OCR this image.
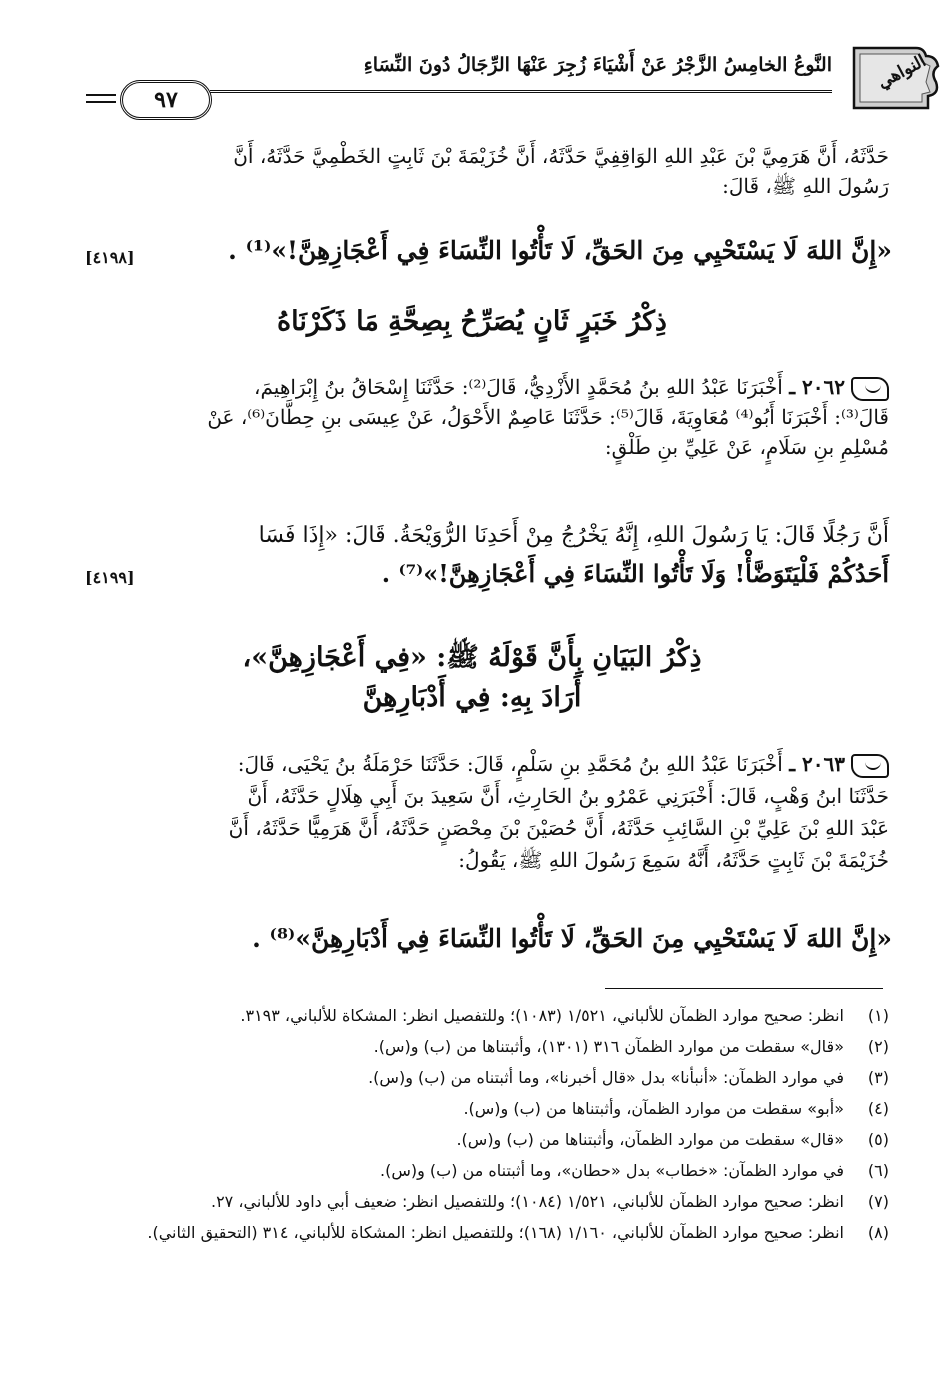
النواهي
النَّوعُ الخامِسُ الزَّجْرُ عَنْ أَشْيَاءَ زُجِرَ عَنْهَا الرِّجَالُ دُونَ النِّسَاءِ
٩٧
حَدَّثَهُ، أَنَّ هَرَمِيَّ بْنَ عَبْدِ اللهِ الوَاقِفِيَّ حَدَّثَهُ، أَنَّ خُزَيْمَةَ بْنَ ثَابِتٍ الخَطْمِيَّ حَدَّثَهُ، أَنَّ
رَسُولَ اللهِ ﷺ، قَالَ:
«إِنَّ اللهَ لَا يَسْتَحْيِي مِنَ الحَقِّ، لَا تَأْتُوا النِّسَاءَ فِي أَعْجَازِهِنَّ!»⁽¹⁾ .
[٤١٩٨]
ذِكْرُ خَبَرٍ ثَانٍ يُصَرِّحُ بِصِحَّةِ مَا ذَكَرْنَاهُ
٢٠٦٢ ـ أَخْبَرَنَا عَبْدُ اللهِ بنُ مُحَمَّدٍ الأَزْدِيُّ، قَالَ⁽²⁾: حَدَّثَنَا إِسْحَاقُ بنُ إِبْرَاهِيمَ،
قَالَ⁽³⁾: أَخْبَرَنَا أَبُو⁽⁴⁾ مُعَاوِيَةَ، قَالَ⁽⁵⁾: حَدَّثَنَا عَاصِمٌ الأَحْوَلُ، عَنْ عِيسَى بنِ حِطَّانَ⁽⁶⁾، عَنْ
مُسْلِمِ بنِ سَلَامٍ، عَنْ عَلِيِّ بنِ طَلْقٍ:
أَنَّ رَجُلًا قَالَ: يَا رَسُولَ اللهِ، إِنَّهُ يَخْرُجُ مِنْ أَحَدِنَا الرُّوَيْحَةُ. قَالَ: «إِذَا فَسَا
أَحَدُكُمْ فَلْيَتَوَضَّأْ! وَلَا تَأْتُوا النِّسَاءَ فِي أَعْجَازِهِنَّ!»⁽⁷⁾ .
[٤١٩٩]
ذِكْرُ البَيَانِ بِأَنَّ قَوْلَهُ ﷺ: «فِي أَعْجَازِهِنَّ»،
أَرَادَ بِهِ: فِي أَدْبَارِهِنَّ
٢٠٦٣ ـ أَخْبَرَنَا عَبْدُ اللهِ بنُ مُحَمَّدِ بنِ سَلْمٍ، قَالَ: حَدَّثَنَا حَرْمَلَةُ بنُ يَحْيَى، قَالَ:
حَدَّثَنَا ابنُ وَهْبٍ، قَالَ: أَخْبَرَنِي عَمْرُو بنُ الحَارِثِ، أَنَّ سَعِيدَ بنَ أَبِي هِلَالٍ حَدَّثَهُ، أَنَّ
عَبْدَ اللهِ بْنَ عَلِيِّ بْنِ السَّائِبِ حَدَّثَهُ، أَنَّ حُصَيْنَ بْنَ مِحْصَنٍ حَدَّثَهُ، أَنَّ هَرَمِيًّا حَدَّثَهُ، أَنَّ
خُزَيْمَةَ بْنَ ثَابِتٍ حَدَّثَهُ، أَنَّهُ سَمِعَ رَسُولَ اللهِ ﷺ، يَقُولُ:
«إِنَّ اللهَ لَا يَسْتَحْيِي مِنَ الحَقِّ، لَا تَأْتُوا النِّسَاءَ فِي أَدْبَارِهِنَّ»⁽⁸⁾ .
(١)
انظر: صحيح موارد الظمآن للألباني، ١/٥٢١ (١٠٨٣)؛ وللتفصيل انظر: المشكاة للألباني، ٣١٩٣.
(٢)
«قال» سقطت من موارد الظمآن ٣١٦ (١٣٠١)، وأثبتناها من (ب) و(س).
(٣)
في موارد الظمآن: «أنبأنا» بدل «قال أخبرنا»، وما أثبتناه من (ب) و(س).
(٤)
«أبو» سقطت من موارد الظمآن، وأثبتناها من (ب) و(س).
(٥)
«قال» سقطت من موارد الظمآن، وأثبتناها من (ب) و(س).
(٦)
في موارد الظمآن: «خطاب» بدل «حطان»، وما أثبتناه من (ب) و(س).
(٧)
انظر: صحيح موارد الظمآن للألباني، ١/٥٢١ (١٠٨٤)؛ وللتفصيل انظر: ضعيف أبي داود للألباني، ٢٧.
(٨)
انظر: صحيح موارد الظمآن للألباني، ١/١٦٠ (١٦٨)؛ وللتفصيل انظر: المشكاة للألباني، ٣١٤ (التحقيق الثاني).
